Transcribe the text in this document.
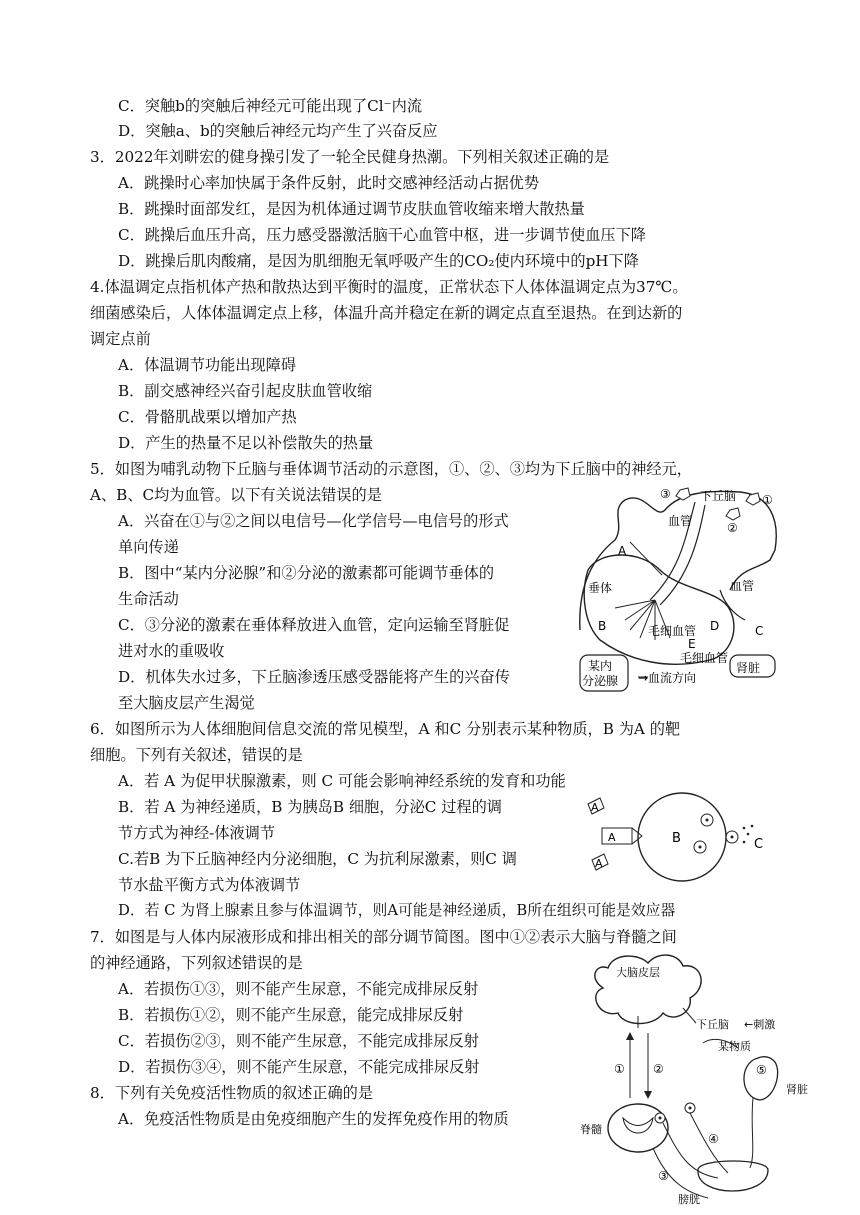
C．突触b的突触后神经元可能出现了Cl⁻内流
D．突触a、b的突触后神经元均产生了兴奋反应
3．2022年刘畊宏的健身操引发了一轮全民健身热潮。下列相关叙述正确的是
A．跳操时心率加快属于条件反射，此时交感神经活动占据优势
B．跳操时面部发红，是因为机体通过调节皮肤血管收缩来增大散热量
C．跳操后血压升高，压力感受器激活脑干心血管中枢，进一步调节使血压下降
D．跳操后肌肉酸痛，是因为肌细胞无氧呼吸产生的CO₂使内环境中的pH下降
4.体温调定点指机体产热和散热达到平衡时的温度，正常状态下人体体温调定点为37℃。
细菌感染后，人体体温调定点上移，体温升高并稳定在新的调定点直至退热。在到达新的
调定点前
A．体温调节功能出现障碍
B．副交感神经兴奋引起皮肤血管收缩
C．骨骼肌战栗以增加产热
D．产生的热量不足以补偿散失的热量
5．如图为哺乳动物下丘脑与垂体调节活动的示意图，①、②、③均为下丘脑中的神经元，
A、B、C均为血管。以下有关说法错误的是
A．兴奋在①与②之间以电信号—化学信号—电信号的形式
单向传递
B．图中“某内分泌腺”和②分泌的激素都可能调节垂体的
生命活动
C．③分泌的激素在垂体释放进入血管，定向运输至肾脏促
进对水的重吸收
D．机体失水过多，下丘脑渗透压感受器能将产生的兴奋传
至大脑皮层产生渴觉
6．如图所示为人体细胞间信息交流的常见模型，A 和C 分别表示某种物质，B 为A 的靶
细胞。下列有关叙述，错误的是
A．若 A 为促甲状腺激素，则 C 可能会影响神经系统的发育和功能
B．若 A 为神经递质，B 为胰岛B 细胞，分泌C 过程的调
节方式为神经-体液调节
C.若B 为下丘脑神经内分泌细胞，C 为抗利尿激素，则C 调
节水盐平衡方式为体液调节
D．若 C 为肾上腺素且参与体温调节，则A可能是神经递质，B所在组织可能是效应器
7．如图是与人体内尿液形成和排出相关的部分调节简图。图中①②表示大脑与脊髓之间
的神经通路，下列叙述错误的是
A．若损伤①③，则不能产生尿意，不能完成排尿反射
B．若损伤①②，则不能产生尿意，能完成排尿反射
C．若损伤②③，则不能产生尿意，不能完成排尿反射
D．若损伤③④，则不能产生尿意，不能完成排尿反射
8．下列有关免疫活性物质的叙述正确的是
A．免疫活性物质是由免疫细胞产生的发挥免疫作用的物质
③
②
①
下丘脑
血管
A
垂体	血管
B	毛细血管 D
E
毛细血管
C
某内
分泌腺 →血流方向
肾脏
A
A
A	B	C
大脑皮层
下丘脑 ←刺激
某物质
① ②	⑤
肾脏
脊髓
④
③
膀胱
